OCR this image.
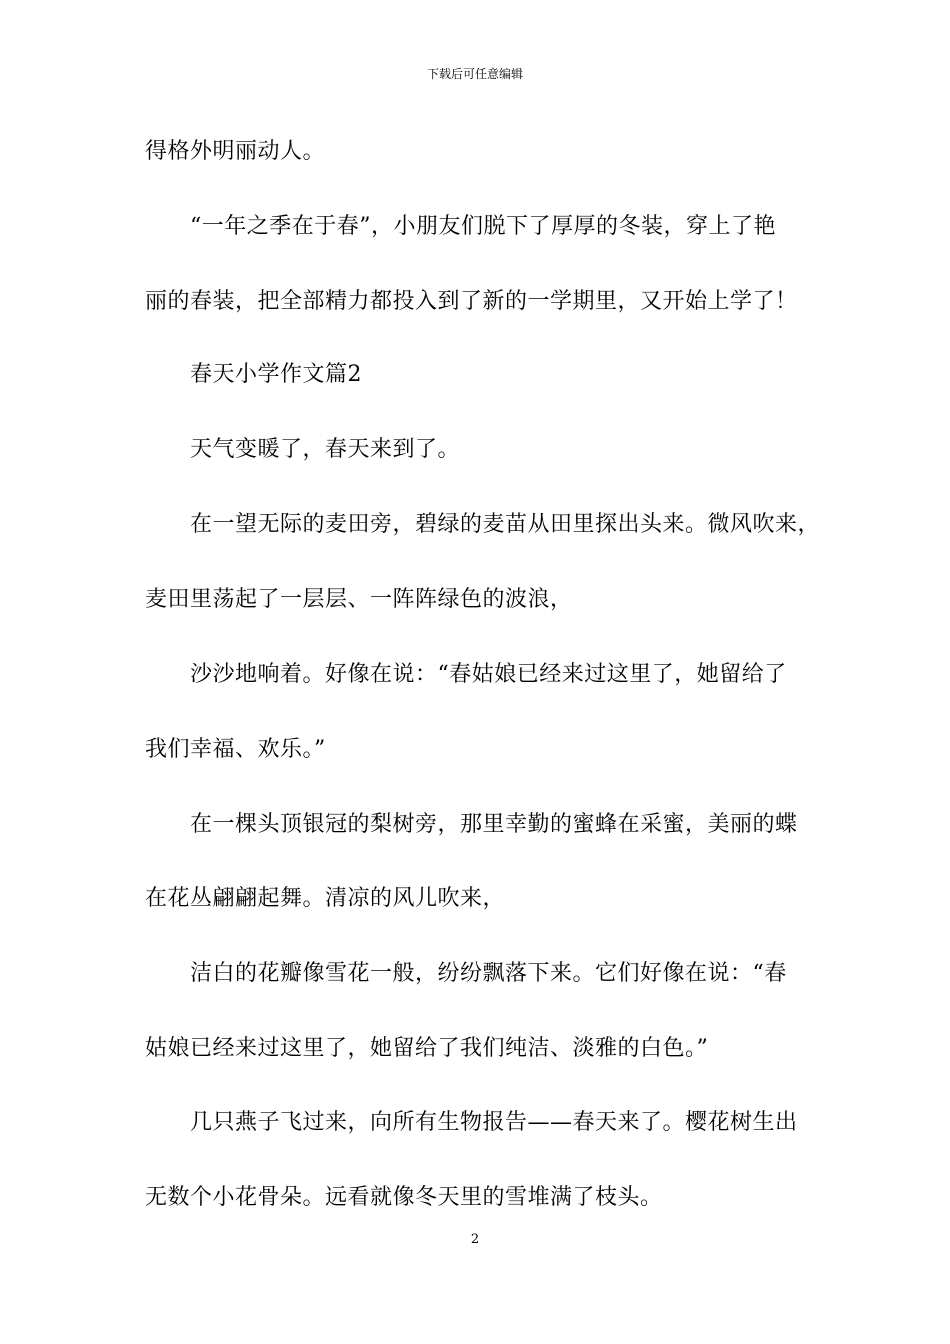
下载后可任意编辑
得格外明丽动人。
“一年之季在于春”，小朋友们脱下了厚厚的冬装，穿上了艳
丽的春装，把全部精力都投入到了新的一学期里，又开始上学了！
春天小学作文篇2
天气变暖了，春天来到了。
在一望无际的麦田旁，碧绿的麦苗从田里探出头来。微风吹来，
麦田里荡起了一层层、一阵阵绿色的波浪，
沙沙地响着。好像在说：“春姑娘已经来过这里了，她留给了
我们幸福、欢乐。”
在一棵头顶银冠的梨树旁，那里幸勤的蜜蜂在采蜜，美丽的蝶
在花丛翩翩起舞。清凉的风儿吹来，
洁白的花瓣像雪花一般，纷纷飘落下来。它们好像在说：“春
姑娘已经来过这里了，她留给了我们纯洁、淡雅的白色。”
几只燕子飞过来，向所有生物报告——春天来了。樱花树生出
无数个小花骨朵。远看就像冬天里的雪堆满了枝头。
2
